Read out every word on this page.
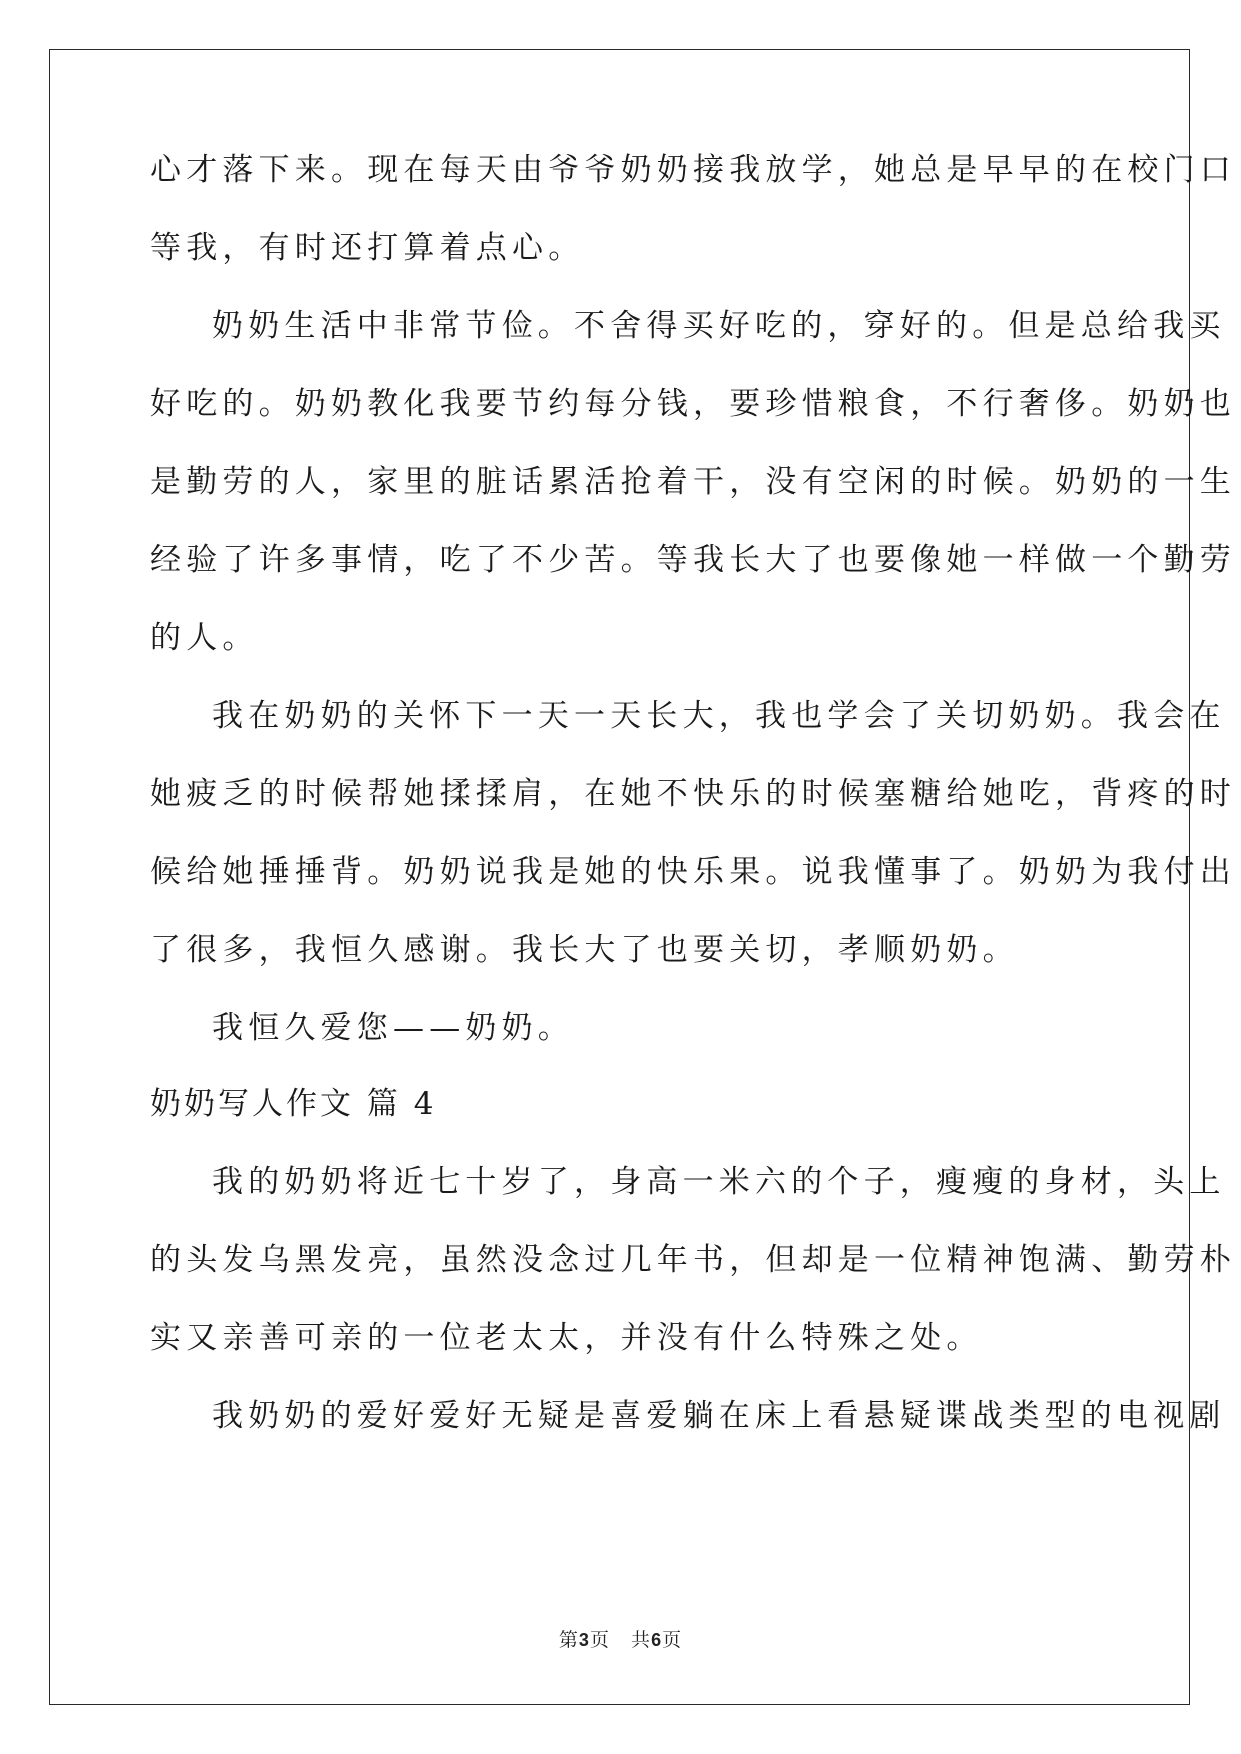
心才落下来。现在每天由爷爷奶奶接我放学，她总是早早的在校门口
等我，有时还打算着点心。
奶奶生活中非常节俭。不舍得买好吃的，穿好的。但是总给我买
好吃的。奶奶教化我要节约每分钱，要珍惜粮食，不行奢侈。奶奶也
是勤劳的人，家里的脏话累活抢着干，没有空闲的时候。奶奶的一生
经验了许多事情，吃了不少苦。等我长大了也要像她一样做一个勤劳
的人。
我在奶奶的关怀下一天一天长大，我也学会了关切奶奶。我会在
她疲乏的时候帮她揉揉肩，在她不快乐的时候塞糖给她吃，背疼的时
候给她捶捶背。奶奶说我是她的快乐果。说我懂事了。奶奶为我付出
了很多，我恒久感谢。我长大了也要关切，孝顺奶奶。
我恒久爱您——奶奶。
奶奶写人作文 篇 4
我的奶奶将近七十岁了，身高一米六的个子，瘦瘦的身材，头上
的头发乌黑发亮，虽然没念过几年书，但却是一位精神饱满、勤劳朴
实又亲善可亲的一位老太太，并没有什么特殊之处。
我奶奶的爱好爱好无疑是喜爱躺在床上看悬疑谍战类型的电视剧
第3页   共6页
